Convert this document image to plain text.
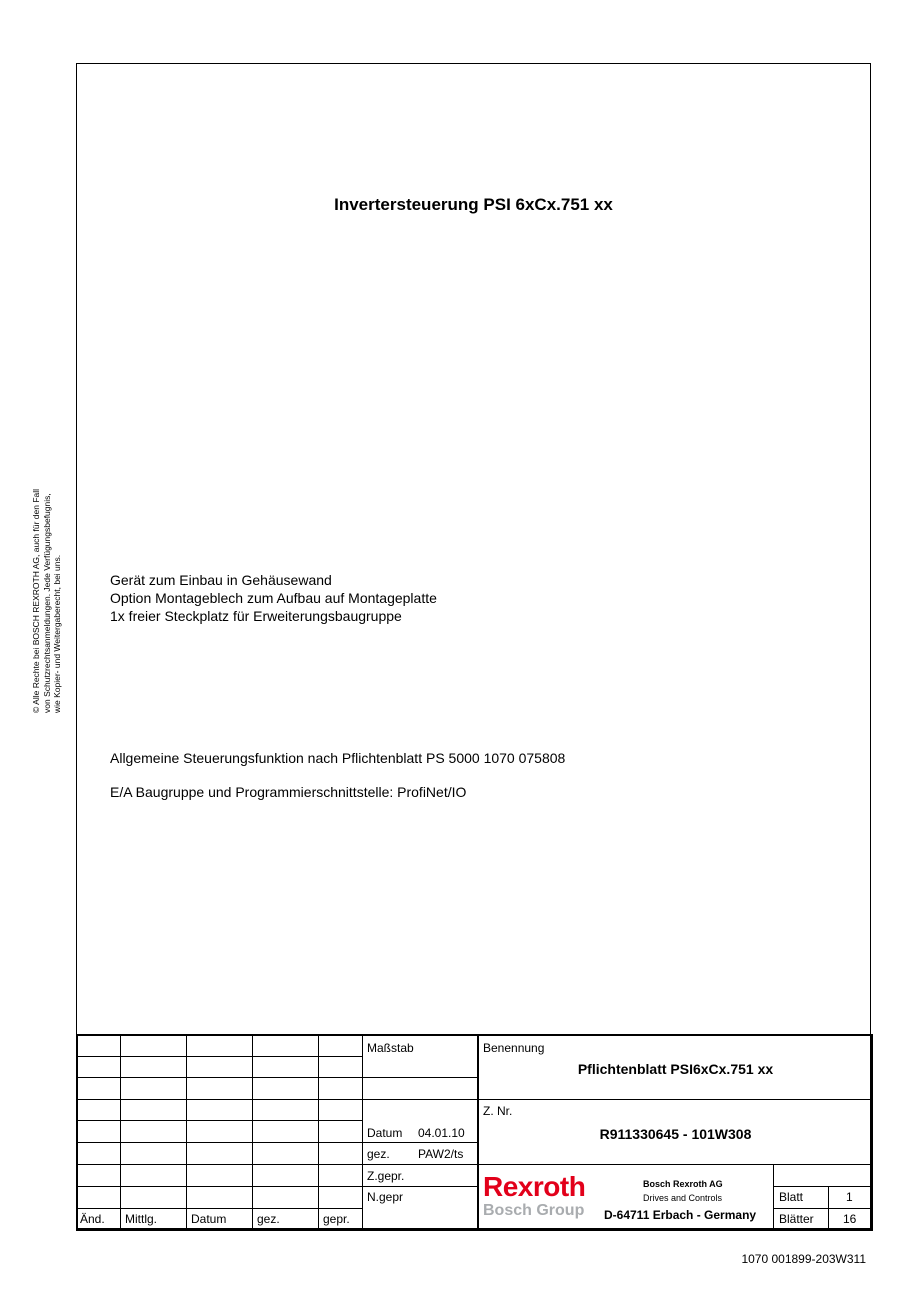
Invertersteuerung PSI 6xCx.751 xx
© Alle Rechte bei BOSCH REXROTH AG, auch für den Fall von Schutzrechtsanmeldungen. Jede Verfügungsbefugnis, wie Kopier- und Weitergaberecht, bei uns.	Gerät zum Einbau in Gehäusewand
Option Montageblech zum Aufbau auf Montageplatte
1x freier Steckplatz für Erweiterungsbaugruppe
Allgemeine Steuerungsfunktion nach Pflichtenblatt PS 5000 1070 075808
E/A Baugruppe und Programmierschnittstelle: ProfiNet/IO
Änd. Mittlg.	Datum	gez.	gepr.
Maßstab
Datum 04.01.10
gez. PAW2/ts
Z.gepr.
N.gepr
Benennung
Pflichtenblatt PSI6xCx.751 xx
Z. Nr.
R911330645 - 101W308
Rexroth
Bosch Group
Bosch Rexroth AG
Drives and Controls
D-64711 Erbach - Germany
Blatt	1
Blätter 16
1070 001899-203W311
